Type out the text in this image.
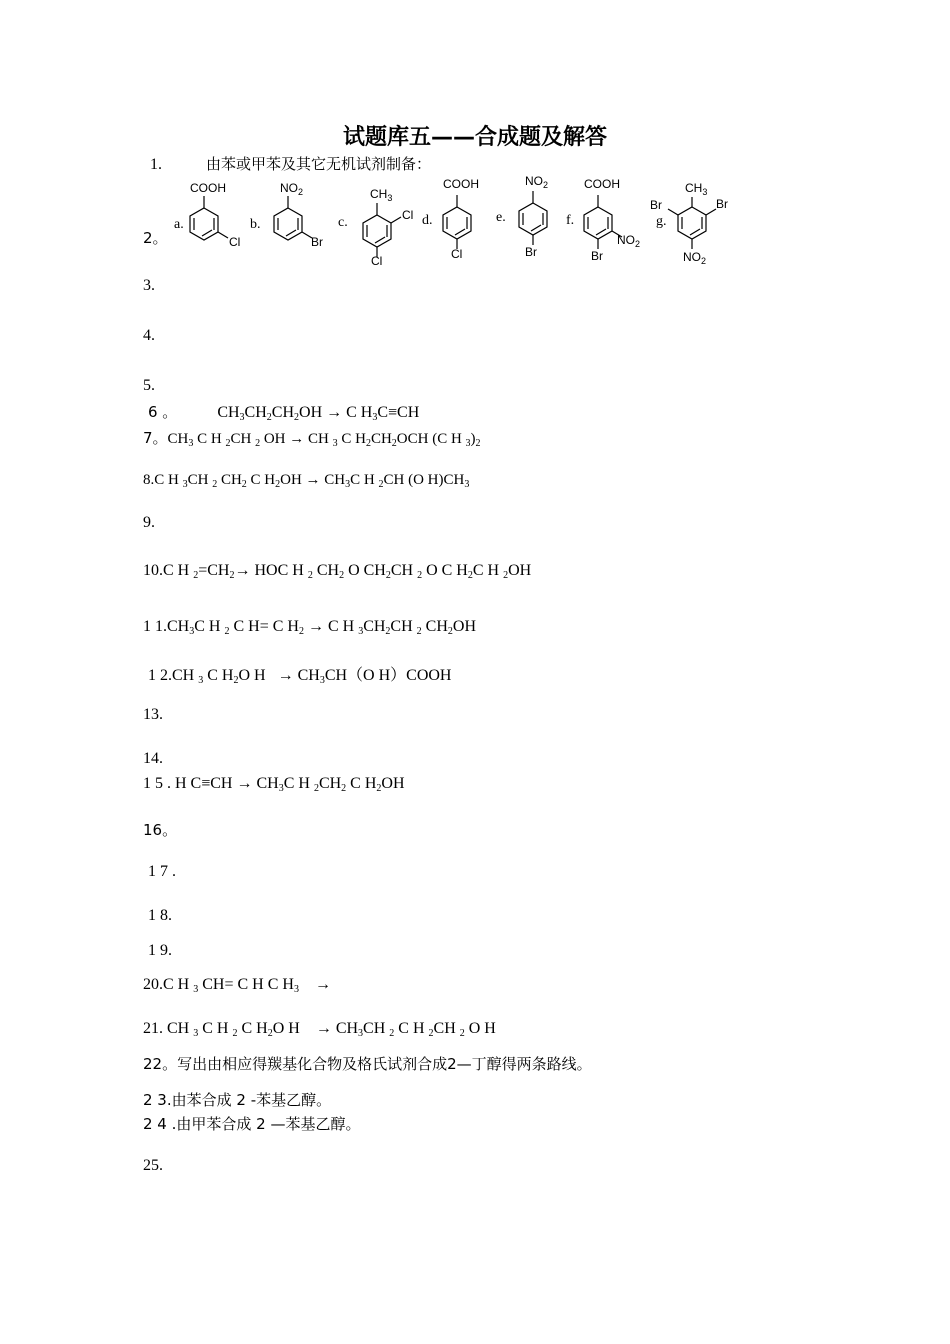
试题库五——合成题及解答
1.	由苯或甲苯及其它无机试剂制备：
a.	b.	c.	d.	e.	f.	g.
COOH
Cl
$NO_2$
Br
$CH_3$
Cl
Cl
COOH
Cl
$NO_2$
Br
COOH
$NO_2$
Br
$CH_3$
Br	Br
$NO_2$
2。
3.
4.
5.
6 。	$CH_3CH_2CH_2OH \to C$ $H_3C\equiv CH$
7。$CH_3$ C H $_2$CH $_2$ OH → CH $_3$ C $H_2CH_2OCH$ (C H $_3)_2$
8.C H $_3$CH $_2$ $CH_2$ C $H_2OH \to CH_3C$ H $_2$CH (O $H)CH_3$
9.
10.C H $_2=CH_2\to$ HOC H $_2$ $CH_2$ O $CH_2CH$ $_2$ O C $H_2C$ H $_2$OH
1 $1.CH_3C$ H $_2$ C H= C $H_2 \to C$ H $_3CH_2CH$ $_2$ $CH_2OH$
1 2.CH $_3$ C $H_2O$ $H \to CH_3CH(O$ H）COOH
13.
14.
1 5 . H $C\equiv CH \to CH_3C$ H $_2CH_2$ C $H_2OH$
16。
1 7 .
1 8.
1 9.
20.C H $_3$ CH= C H C $H_3$    →
21. CH $_3$ C H $_2$ C $H_2O$ H    → $CH_3CH$ $_2$ C H $_2$CH $_2$ O H
22。写出由相应得羰基化合物及格氏试剂合成2—丁醇得两条路线。
2 3.由苯合成 2 -苯基乙醇。
2 4 .由甲苯合成 2 —苯基乙醇。
25.
